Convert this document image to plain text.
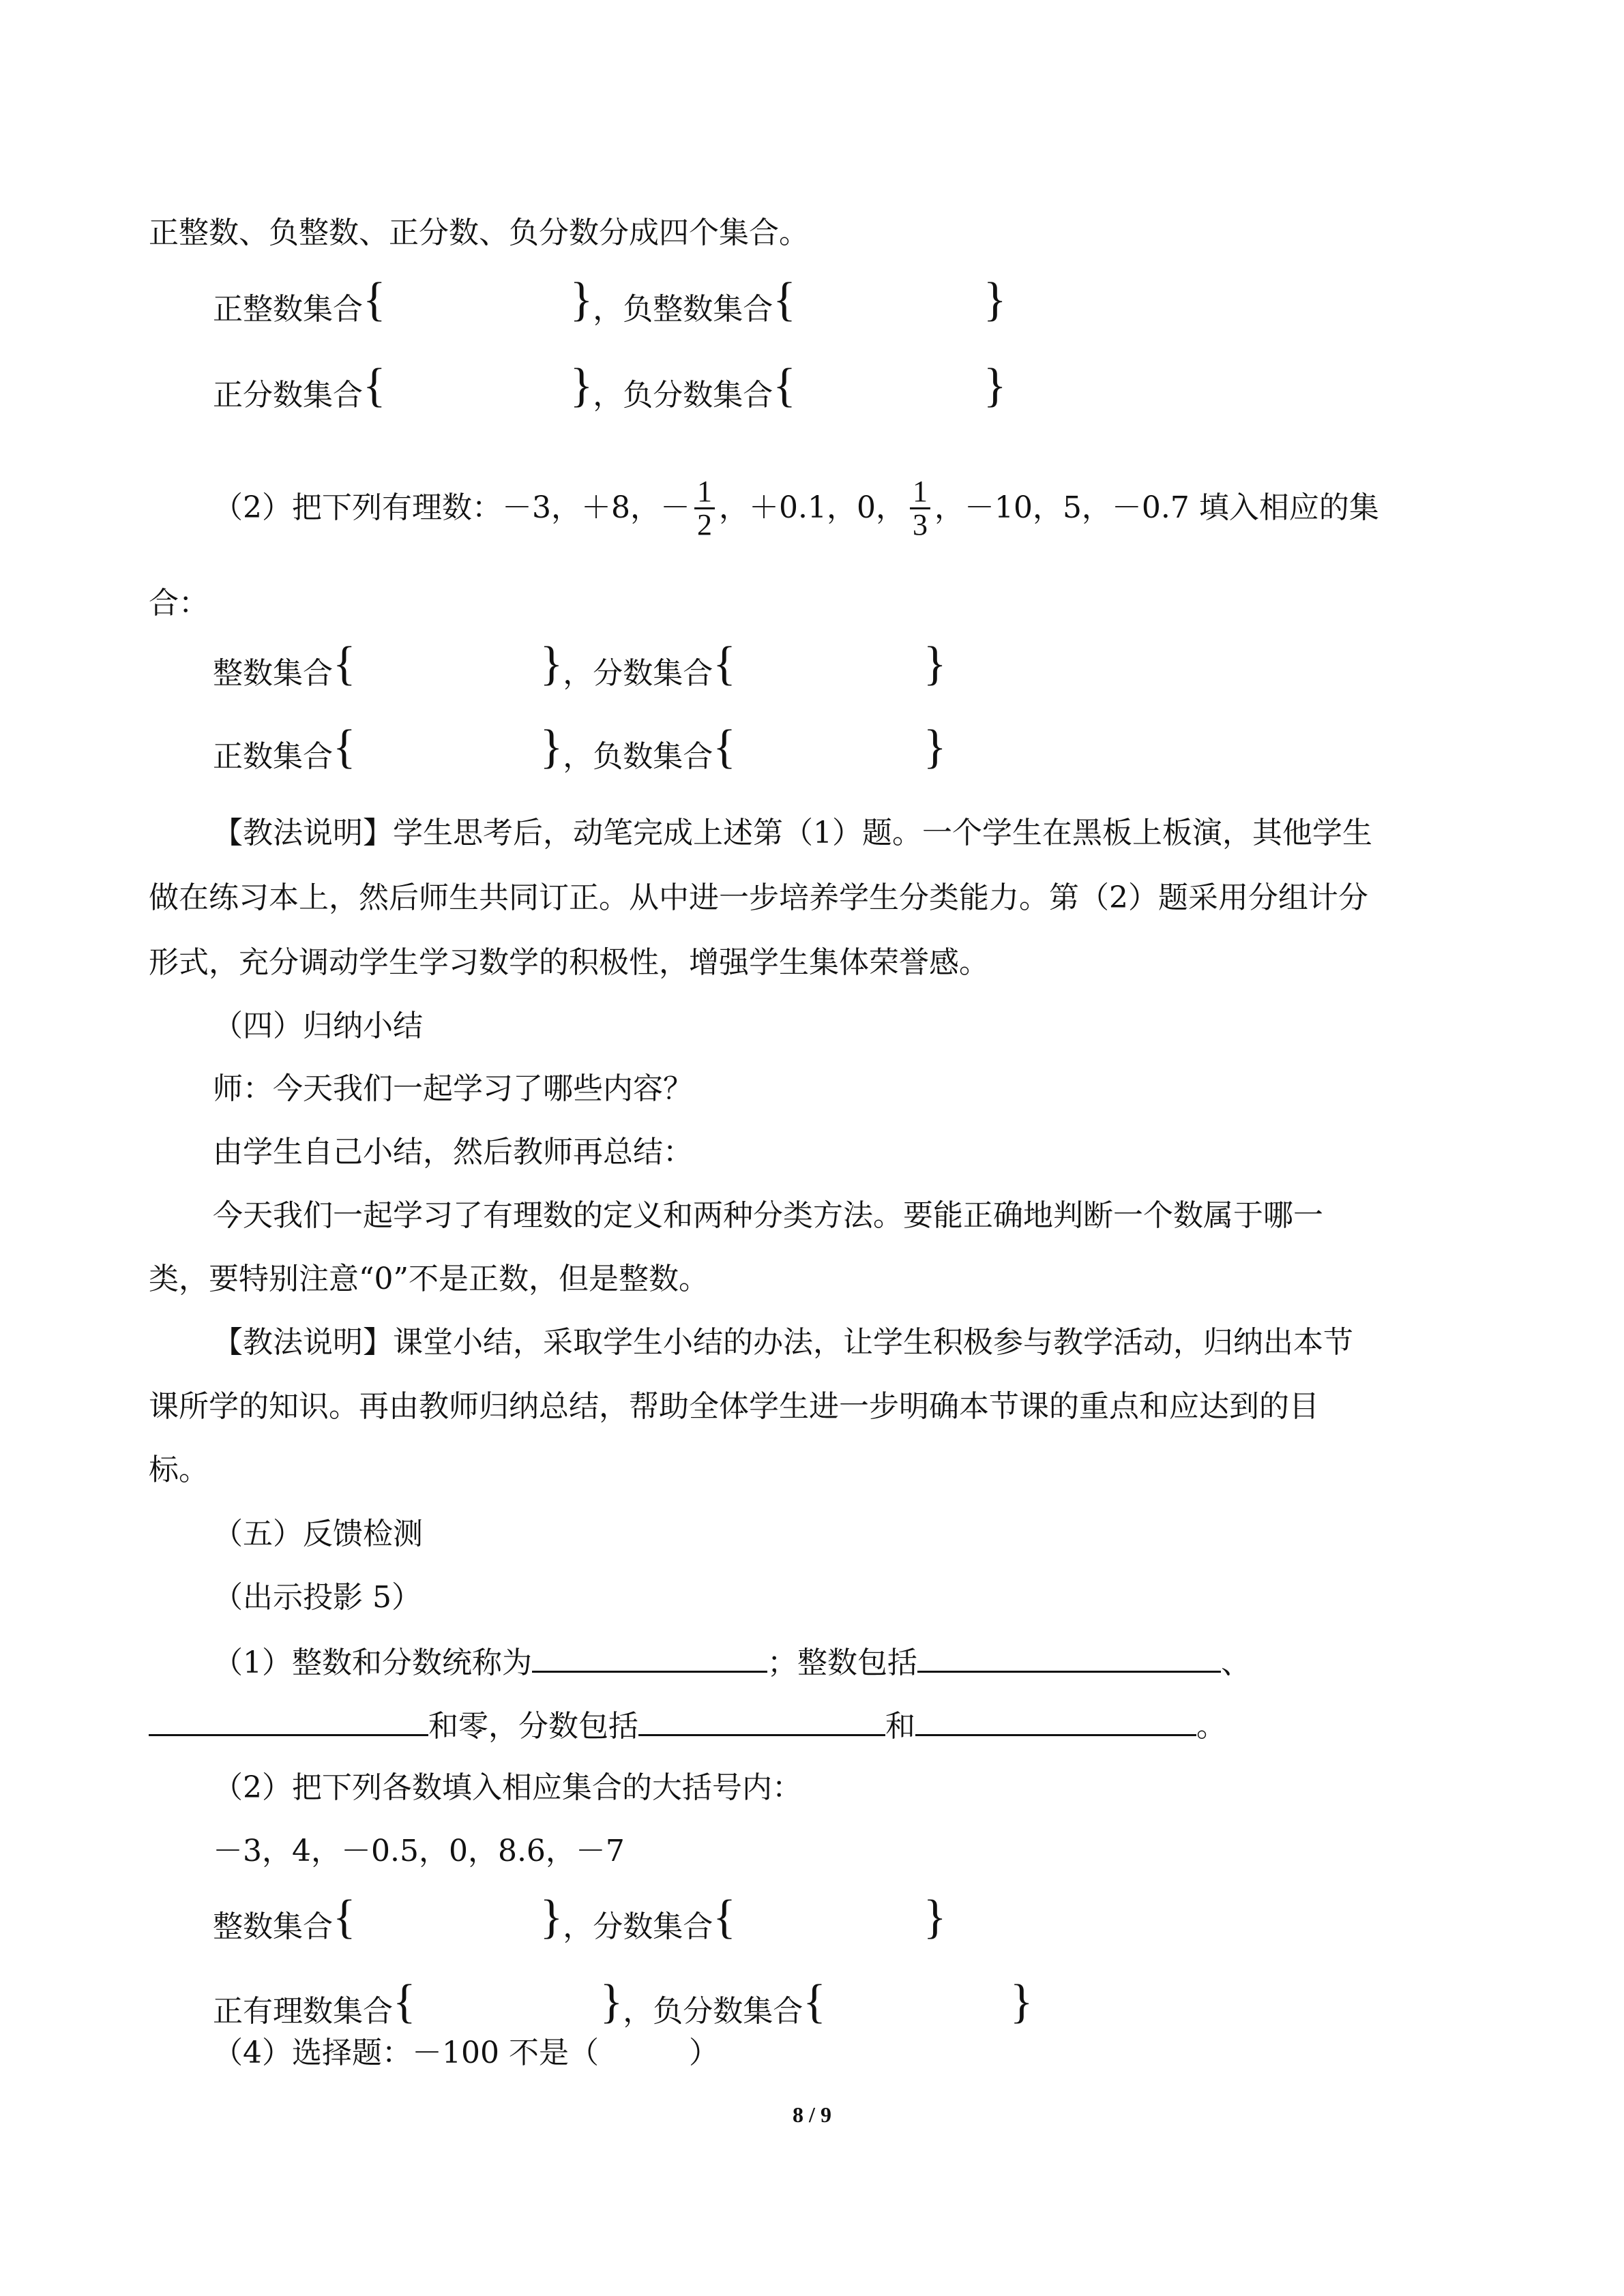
正整数、负整数、正分数、负分数分成四个集合。
正整数集合{	}，负整数集合{	}
正分数集合{	}，负分数集合{	}
（2）把下列有理数：－3，＋8，－ $\frac{1}{2}$ ，＋0.1，0， $\frac{1}{3}$ ，－10，5，－0.7 填入相应的集
合：
整数集合{	}，分数集合{	}
正数集合{	}，负数集合{	}
【教法说明】学生思考后，动笔完成上述第（1）题。一个学生在黑板上板演，其他学生
做在练习本上，然后师生共同订正。从中进一步培养学生分类能力。第（2）题采用分组计分
形式，充分调动学生学习数学的积极性，增强学生集体荣誉感。
（四）归纳小结
师：今天我们一起学习了哪些内容？
由学生自己小结，然后教师再总结：
今天我们一起学习了有理数的定义和两种分类方法。要能正确地判断一个数属于哪一
类，要特别注意“0”不是正数，但是整数。
【教法说明】课堂小结，采取学生小结的办法，让学生积极参与教学活动，归纳出本节
课所学的知识。再由教师归纳总结，帮助全体学生进一步明确本节课的重点和应达到的目
标。
（五）反馈检测
（出示投影 5）
（1）整数和分数统称为	；整数包括	、
和零，分数包括	和	。
（2）把下列各数填入相应集合的大括号内：
－3，4，－0.5，0，8.6，－7
整数集合{	}，分数集合{	}
正有理数集合{	}，负分数集合{	}
（4）选择题：－100 不是（　　　）
8 / 9
